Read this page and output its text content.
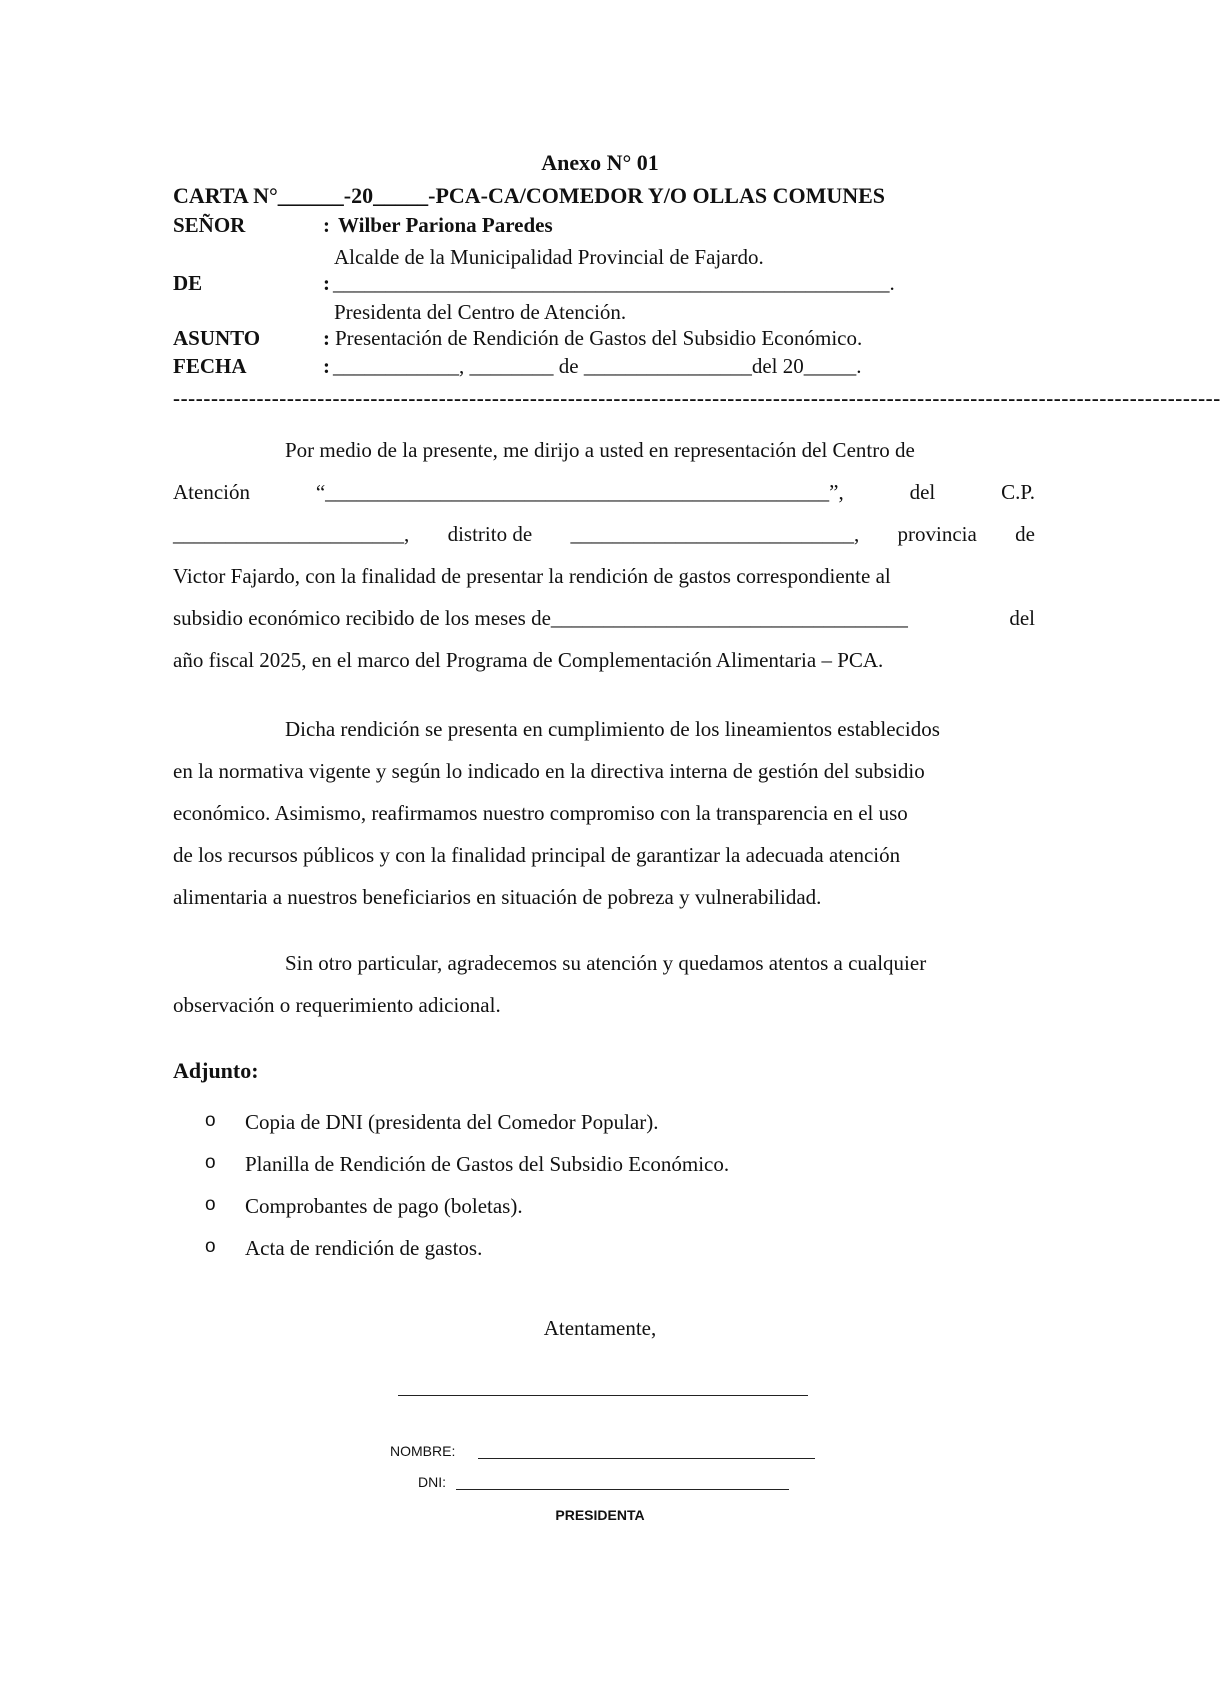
Anexo N° 01
CARTA N°______-20_____-PCA-CA/COMEDOR Y/O OLLAS COMUNES
SEÑOR	: Wilber Pariona Paredes
Alcalde de la Municipalidad Provincial de Fajardo.
DE	: _____________________________________________________.
Presidenta del Centro de Atención.
ASUNTO	: Presentación de Rendición de Gastos del Subsidio Económico.
FECHA	: ____________, ________ de ________________del 20_____.
------------------------------------------------------------------------------------------------------------------------------------------
Por medio de la presente, me dirijo a usted en representación del Centro de
Atención	“________________________________________________”,	del	C.P.
______________________, distrito de ___________________________, provincia de
Victor Fajardo, con la finalidad de presentar la rendición de gastos correspondiente al
subsidio económico recibido de los meses de__________________________________	del
año fiscal 2025, en el marco del Programa de Complementación Alimentaria – PCA.
Dicha rendición se presenta en cumplimiento de los lineamientos establecidos
en la normativa vigente y según lo indicado en la directiva interna de gestión del subsidio
económico. Asimismo, reafirmamos nuestro compromiso con la transparencia en el uso
de los recursos públicos y con la finalidad principal de garantizar la adecuada atención
alimentaria a nuestros beneficiarios en situación de pobreza y vulnerabilidad.
Sin otro particular, agradecemos su atención y quedamos atentos a cualquier
observación o requerimiento adicional.
Adjunto:
o Copia de DNI (presidenta del Comedor Popular).
o Planilla de Rendición de Gastos del Subsidio Económico.
o Comprobantes de pago (boletas).
o Acta de rendición de gastos.
Atentamente,
NOMBRE:
DNI:
PRESIDENTA
